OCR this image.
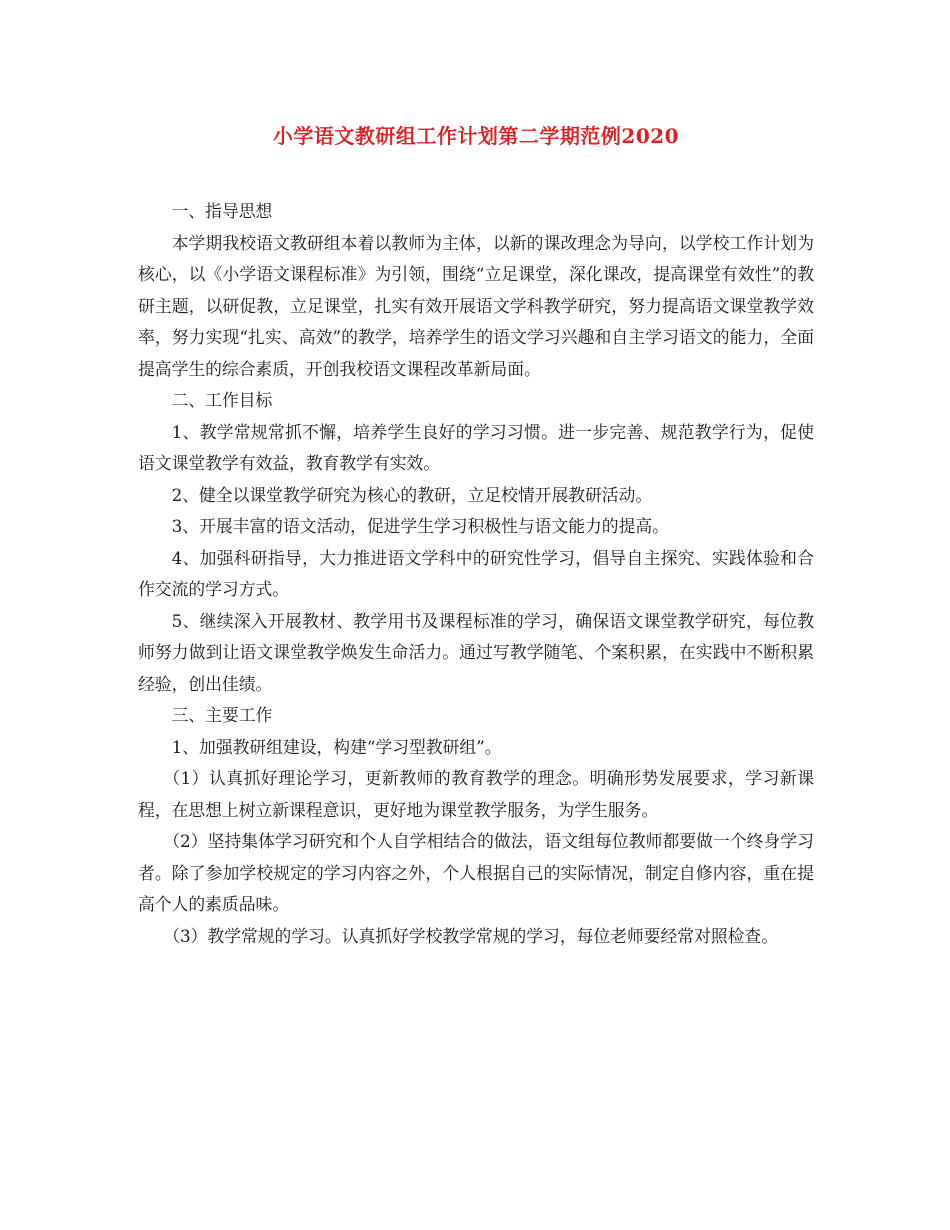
小学语文教研组工作计划第二学期范例2020

一、指导思想

本学期我校语文教研组本着以教师为主体，以新的课改理念为导向，以学校工作计划为核心，以《小学语文课程标准》为引领，围绕“立足课堂，深化课改，提高课堂有效性”的教研主题，以研促教，立足课堂，扎实有效开展语文学科教学研究，努力提高语文课堂教学效率，努力实现“扎实、高效”的教学，培养学生的语文学习兴趣和自主学习语文的能力，全面提高学生的综合素质，开创我校语文课程改革新局面。

二、工作目标

1、教学常规常抓不懈，培养学生良好的学习习惯。进一步完善、规范教学行为，促使语文课堂教学有效益，教育教学有实效。

2、健全以课堂教学研究为核心的教研，立足校情开展教研活动。

3、开展丰富的语文活动，促进学生学习积极性与语文能力的提高。

4、加强科研指导，大力推进语文学科中的研究性学习，倡导自主探究、实践体验和合作交流的学习方式。

5、继续深入开展教材、教学用书及课程标准的学习，确保语文课堂教学研究，每位教师努力做到让语文课堂教学焕发生命活力。通过写教学随笔、个案积累，在实践中不断积累经验，创出佳绩。

三、主要工作

1、加强教研组建设，构建“学习型教研组”。

（1）认真抓好理论学习，更新教师的教育教学的理念。明确形势发展要求，学习新课程，在思想上树立新课程意识，更好地为课堂教学服务，为学生服务。

（2）坚持集体学习研究和个人自学相结合的做法，语文组每位教师都要做一个终身学习者。除了参加学校规定的学习内容之外，个人根据自己的实际情况，制定自修内容，重在提高个人的素质品味。

（3）教学常规的学习。认真抓好学校教学常规的学习，每位老师要经常对照检查。
